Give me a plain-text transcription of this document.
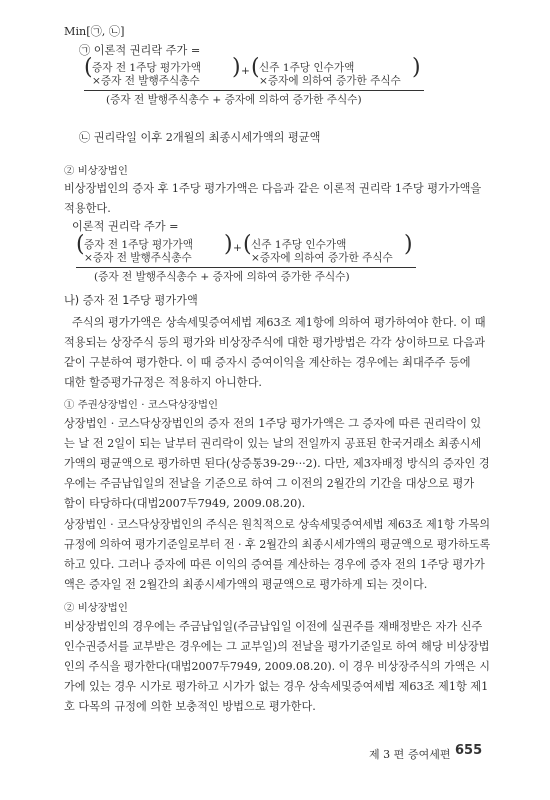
Min[㉠, ㉡]
㉠ 이론적 권리락 주가 =
( 증자 전 1주당 평가가액
×증자 전 발행주식총수
) + ( 신주 1주당 인수가액
×증자에 의하여 증가한 주식수
)
(증자 전 발행주식총수 + 증자에 의하여 증가한 주식수)
㉡ 권리락일 이후 2개월의 최종시세가액의 평균액
② 비상장법인
비상장법인의 증자 후 1주당 평가가액은 다음과 같은 이론적 권리락 1주당 평가가액을
적용한다.
이론적 권리락 주가 =
( 증자 전 1주당 평가가액
×증자 전 발행주식총수
) + ( 신주 1주당 인수가액
×증자에 의하여 증가한 주식수
)
(증자 전 발행주식총수 + 증자에 의하여 증가한 주식수)
나) 증자 전 1주당 평가가액
주식의 평가가액은 상속세및증여세법 제63조 제1항에 의하여 평가하여야 한다. 이 때
적용되는 상장주식 등의 평가와 비상장주식에 대한 평가방법은 각각 상이하므로 다음과
같이 구분하여 평가한다. 이 때 증자시 증여이익을 계산하는 경우에는 최대주주 등에
대한 할증평가규정은 적용하지 아니한다.
① 주권상장법인 · 코스닥상장법인
상장법인 · 코스닥상장법인의 증자 전의 1주당 평가가액은 그 증자에 따른 권리락이 있
는 날 전 2일이 되는 날부터 권리락이 있는 날의 전일까지 공표된 한국거래소 최종시세
가액의 평균액으로 평가하면 된다(상증통39-29···2). 다만, 제3자배정 방식의 증자인 경
우에는 주금납입일의 전날을 기준으로 하여 그 이전의 2월간의 기간을 대상으로 평가
함이 타당하다(대법2007두7949, 2009.08.20).
상장법인 · 코스닥상장법인의 주식은 원칙적으로 상속세및증여세법 제63조 제1항 가목의
규정에 의하여 평가기준일로부터 전 · 후 2월간의 최종시세가액의 평균액으로 평가하도록
하고 있다. 그러나 증자에 따른 이익의 증여를 계산하는 경우에 증자 전의 1주당 평가가
액은 증자일 전 2월간의 최종시세가액의 평균액으로 평가하게 되는 것이다.
② 비상장법인
비상장법인의 경우에는 주금납입일(주금납입일 이전에 실권주를 재배정받은 자가 신주
인수권증서를 교부받은 경우에는 그 교부일)의 전날을 평가기준일로 하여 해당 비상장법
인의 주식을 평가한다(대법2007두7949, 2009.08.20). 이 경우 비상장주식의 가액은 시
가에 있는 경우 시가로 평가하고 시가가 없는 경우 상속세및증여세법 제63조 제1항 제1
호 다목의 규정에 의한 보충적인 방법으로 평가한다.
제 3 편 증여세편 655
